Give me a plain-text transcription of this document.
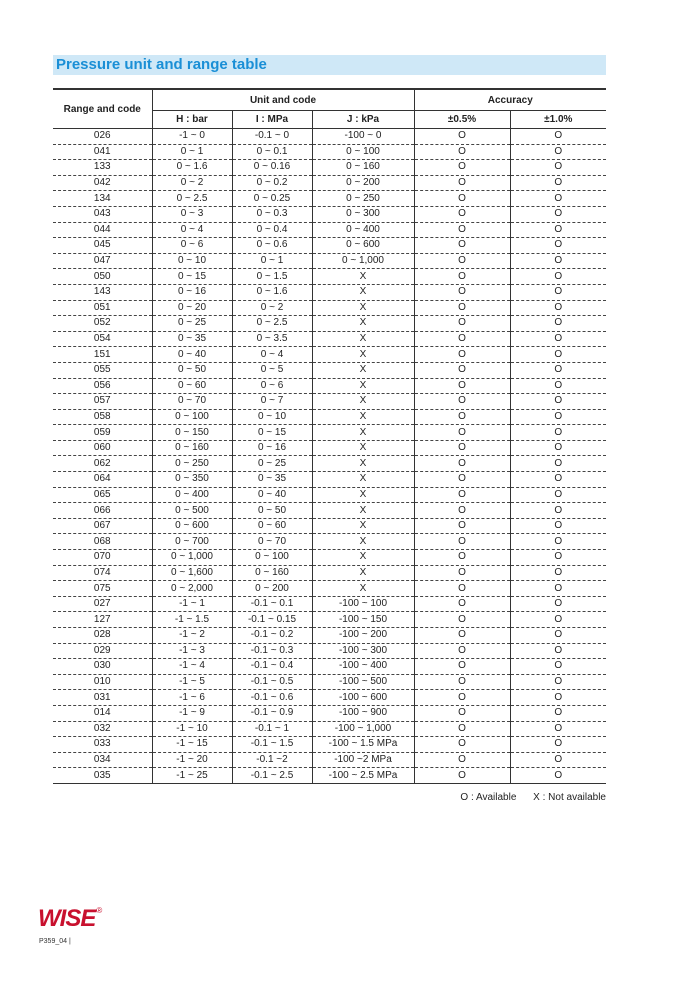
Pressure unit and range table
Range and code	Unit and code			Accuracy	
	H : bar	I : MPa	J : kPa	±0.5%	±1.0%
026	-1 ~ 0	-0.1 ~ 0	-100 ~ 0	O	O
041	0 ~ 1	0 ~ 0.1	0 ~ 100	O	O
133	0 ~ 1.6	0 ~ 0.16	0 ~ 160	O	O
042	0 ~ 2	0 ~ 0.2	0 ~ 200	O	O
134	0 ~ 2.5	0 ~ 0.25	0 ~ 250	O	O
043	0 ~ 3	0 ~ 0.3	0 ~ 300	O	O
044	0 ~ 4	0 ~ 0.4	0 ~ 400	O	O
045	0 ~ 6	0 ~ 0.6	0 ~ 600	O	O
047	0 ~ 10	0 ~ 1	0 ~ 1,000	O	O
050	0 ~ 15	0 ~ 1.5	X	O	O
143	0 ~ 16	0 ~ 1.6	X	O	O
051	0 ~ 20	0 ~ 2	X	O	O
052	0 ~ 25	0 ~ 2.5	X	O	O
054	0 ~ 35	0 ~ 3.5	X	O	O
151	0 ~ 40	0 ~ 4	X	O	O
055	0 ~ 50	0 ~ 5	X	O	O
056	0 ~ 60	0 ~ 6	X	O	O
057	0 ~ 70	0 ~ 7	X	O	O
058	0 ~ 100	0 ~ 10	X	O	O
059	0 ~ 150	0 ~ 15	X	O	O
060	0 ~ 160	0 ~ 16	X	O	O
062	0 ~ 250	0 ~ 25	X	O	O
064	0 ~ 350	0 ~ 35	X	O	O
065	0 ~ 400	0 ~ 40	X	O	O
066	0 ~ 500	0 ~ 50	X	O	O
067	0 ~ 600	0 ~ 60	X	O	O
068	0 ~ 700	0 ~ 70	X	O	O
070	0 ~ 1,000	0 ~ 100	X	O	O
074	0 ~ 1,600	0 ~ 160	X	O	O
075	0 ~ 2,000	0 ~ 200	X	O	O
027	-1 ~ 1	-0.1 ~ 0.1	-100 ~ 100	O	O
127	-1 ~ 1.5	-0.1 ~ 0.15	-100 ~ 150	O	O
028	-1 ~ 2	-0.1 ~ 0.2	-100 ~ 200	O	O
029	-1 ~ 3	-0.1 ~ 0.3	-100 ~ 300	O	O
030	-1 ~ 4	-0.1 ~ 0.4	-100 ~ 400	O	O
010	-1 ~ 5	-0.1 ~ 0.5	-100 ~ 500	O	O
031	-1 ~ 6	-0.1 ~ 0.6	-100 ~ 600	O	O
014	-1 ~ 9	-0.1 ~ 0.9	-100 ~ 900	O	O
032	-1 ~ 10	-0.1 ~ 1	-100 ~ 1,000	O	O
033	-1 ~ 15	-0.1 ~ 1.5	-100 ~ 1.5 MPa	O	O
034	-1 ~ 20	-0.1 ~2	-100 ~2 MPa	O	O
035	-1 ~ 25	-0.1 ~ 2.5	-100 ~ 2.5 MPa	O	O
O : Available X : Not available
WISE®
P359_04 |
